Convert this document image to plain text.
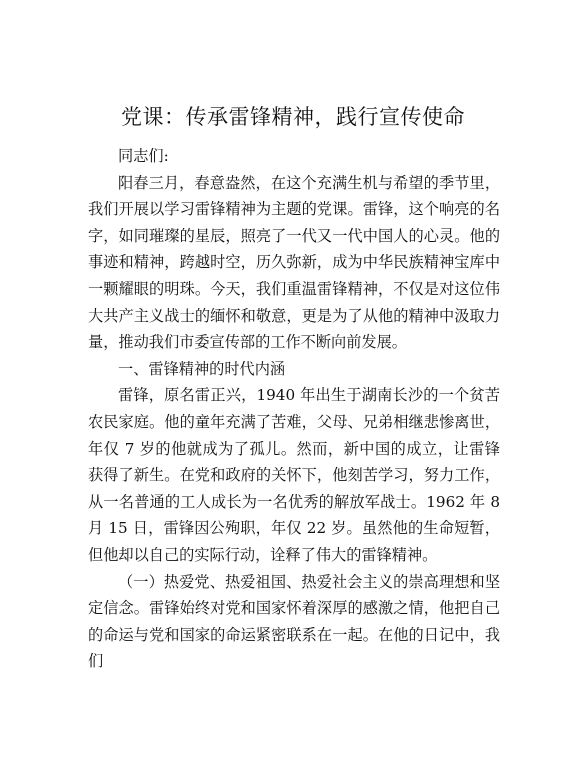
党课：传承雷锋精神，践行宣传使命

同志们:

阳春三月，春意盎然，在这个充满生机与希望的季节里，我们开展以学习雷锋精神为主题的党课。雷锋，这个响亮的名字，如同璀璨的星辰，照亮了一代又一代中国人的心灵。他的事迹和精神，跨越时空，历久弥新，成为中华民族精神宝库中一颗耀眼的明珠。今天，我们重温雷锋精神，不仅是对这位伟大共产主义战士的缅怀和敬意，更是为了从他的精神中汲取力量，推动我们市委宣传部的工作不断向前发展。

一、雷锋精神的时代内涵

雷锋，原名雷正兴，1940 年出生于湖南长沙的一个贫苦农民家庭。他的童年充满了苦难，父母、兄弟相继悲惨离世，年仅 7 岁的他就成为了孤儿。然而，新中国的成立，让雷锋获得了新生。在党和政府的关怀下，他刻苦学习，努力工作，从一名普通的工人成长为一名优秀的解放军战士。1962 年 8 月 15 日，雷锋因公殉职，年仅 22 岁。虽然他的生命短暂，但他却以自己的实际行动，诠释了伟大的雷锋精神。

（一）热爱党、热爱祖国、热爱社会主义的崇高理想和坚定信念。雷锋始终对党和国家怀着深厚的感激之情，他把自己的命运与党和国家的命运紧密联系在一起。在他的日记中，我们
